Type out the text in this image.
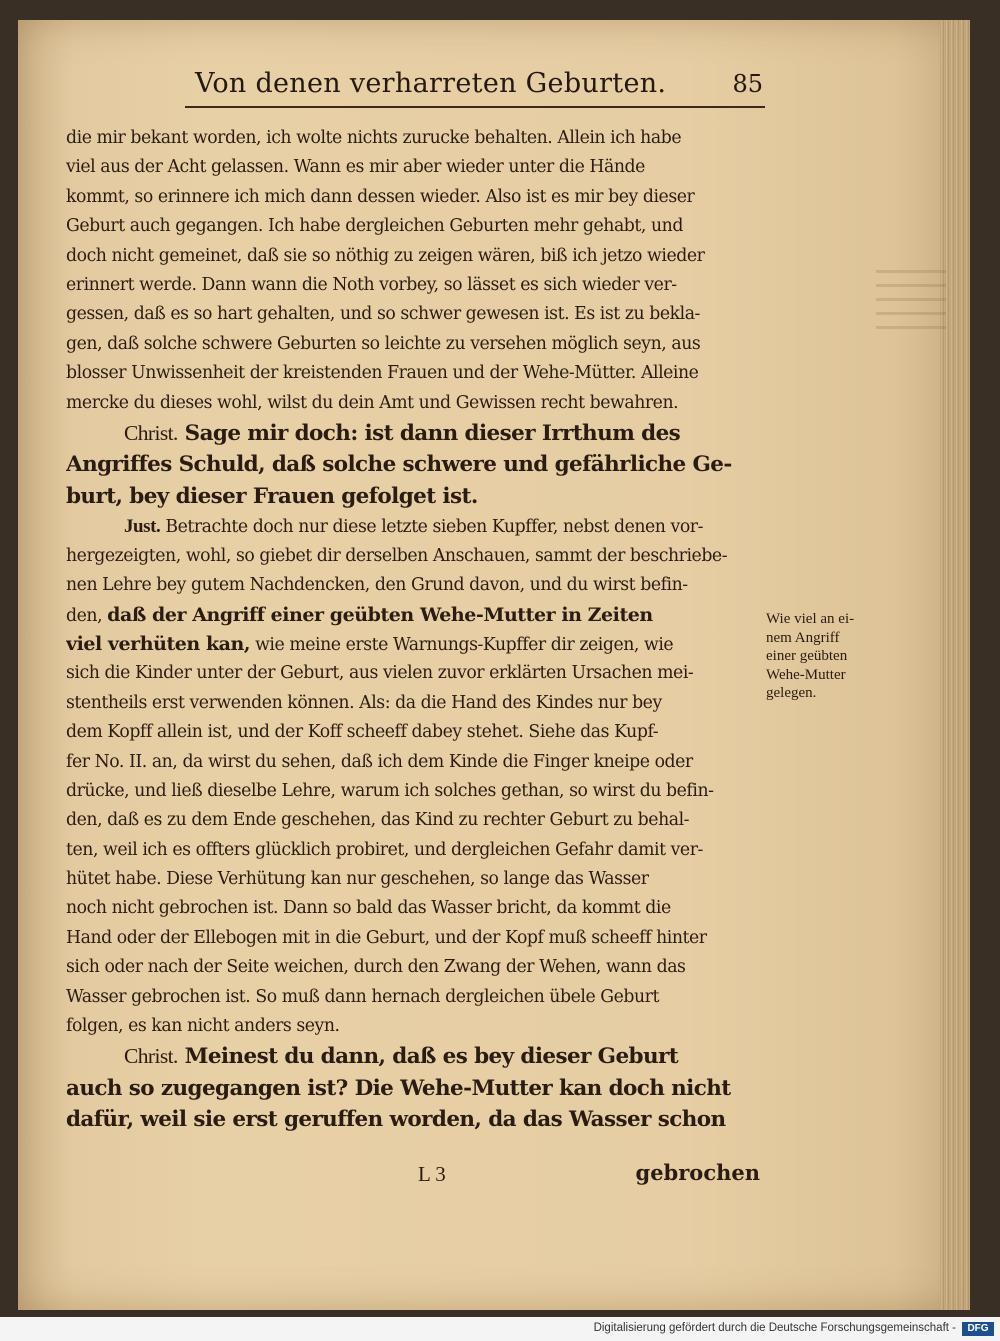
Von denen verharreten Geburten.	85
die mir bekant worden, ich wolte nichts zurucke behalten. Allein ich habe
viel aus der Acht gelassen. Wann es mir aber wieder unter die Hände
kommt, so erinnere ich mich dann dessen wieder. Also ist es mir bey dieser
Geburt auch gegangen. Ich habe dergleichen Geburten mehr gehabt, und
doch nicht gemeinet, daß sie so nöthig zu zeigen wären, biß ich jetzo wieder
erinnert werde. Dann wann die Noth vorbey, so lässet es sich wieder ver-
gessen, daß es so hart gehalten, und so schwer gewesen ist. Es ist zu bekla-
gen, daß solche schwere Geburten so leichte zu versehen möglich seyn, aus
blosser Unwissenheit der kreistenden Frauen und der Wehe-Mütter. Alleine
mercke du dieses wohl, wilst du dein Amt und Gewissen recht bewahren.
Christ. Sage mir doch: ist dann dieser Irrthum des
Angriffes Schuld, daß solche schwere und gefährliche Ge-
burt, bey dieser Frauen gefolget ist.
Just. Betrachte doch nur diese letzte sieben Kupffer, nebst denen vor-
hergezeigten, wohl, so giebet dir derselben Anschauen, sammt der beschriebe-
nen Lehre bey gutem Nachdencken, den Grund davon, und du wirst befin-
den, daß der Angriff einer geübten Wehe-Mutter in Zeiten
viel verhüten kan, wie meine erste Warnungs-Kupffer dir zeigen, wie
sich die Kinder unter der Geburt, aus vielen zuvor erklärten Ursachen mei-
stentheils erst verwenden können. Als: da die Hand des Kindes nur bey
dem Kopff allein ist, und der Koff scheeff dabey stehet. Siehe das Kupf-
fer No. II. an, da wirst du sehen, daß ich dem Kinde die Finger kneipe oder
drücke, und ließ dieselbe Lehre, warum ich solches gethan, so wirst du befin-
den, daß es zu dem Ende geschehen, das Kind zu rechter Geburt zu behal-
ten, weil ich es offters glücklich probiret, und dergleichen Gefahr damit ver-
hütet habe. Diese Verhütung kan nur geschehen, so lange das Wasser
noch nicht gebrochen ist. Dann so bald das Wasser bricht, da kommt die
Hand oder der Ellebogen mit in die Geburt, und der Kopf muß scheeff hinter
sich oder nach der Seite weichen, durch den Zwang der Wehen, wann das
Wasser gebrochen ist. So muß dann hernach dergleichen übele Geburt
folgen, es kan nicht anders seyn.
Christ. Meinest du dann, daß es bey dieser Geburt
auch so zugegangen ist? Die Wehe-Mutter kan doch nicht
dafür, weil sie erst geruffen worden, da das Wasser schon
Wie viel an ei-
nem Angriff
einer geübten
Wehe-Mutter
gelegen.
L 3	gebrochen
Digitalisierung gefördert durch die Deutsche Forschungsgemeinschaft -	DFG
